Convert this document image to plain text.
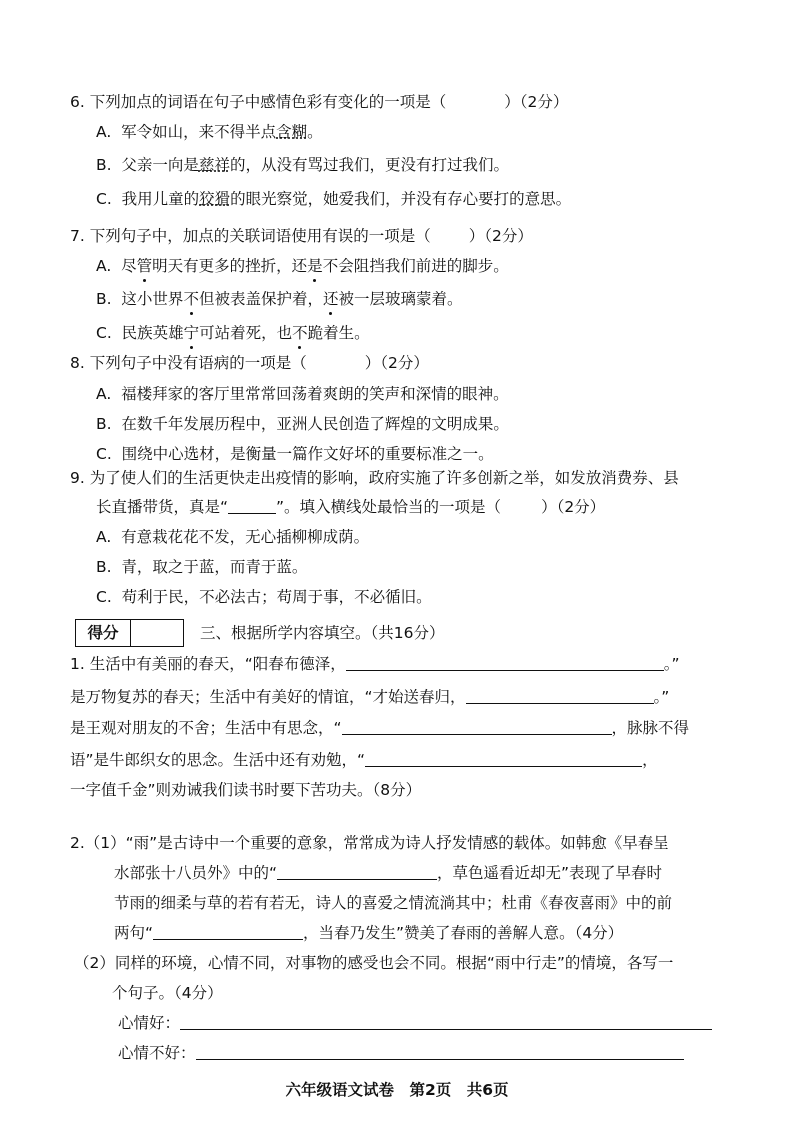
6. 下列加点的词语在句子中感情色彩有变化的一项是（	）（2分）
A. 军令如山，来不得半点含糊。
B. 父亲一向是慈祥的，从没有骂过我们，更没有打过我们。
C. 我用儿童的狡猾的眼光察觉，她爱我们，并没有存心要打的意思。
7. 下列句子中，加点的关联词语使用有误的一项是（ ）（2分）
A. 尽管明天有更多的挫折，还是不会阻挡我们前进的脚步。
B. 这小世界不但被表盖保护着，还被一层玻璃蒙着。
C. 民族英雄宁可站着死，也不跪着生。
8. 下列句子中没有语病的一项是（	）（2分）
A. 福楼拜家的客厅里常常回荡着爽朗的笑声和深情的眼神。
B. 在数千年发展历程中，亚洲人民创造了辉煌的文明成果。
C. 围绕中心选材，是衡量一篇作文好坏的重要标准之一。
9. 为了使人们的生活更快走出疫情的影响，政府实施了许多创新之举，如发放消费券、县
长直播带货，真是“	”。填入横线处最恰当的一项是（	）（2分）
A. 有意栽花花不发，无心插柳柳成荫。
B. 青，取之于蓝，而青于蓝。
C. 苟利于民，不必法古；苟周于事，不必循旧。
得分	三、根据所学内容填空。（共16分）
1. 生活中有美丽的春天，“阳春布德泽，	。”
是万物复苏的春天；生活中有美好的情谊，“才始送春归，	。”
是王观对朋友的不舍；生活中有思念，“	，脉脉不得
语”是牛郎织女的思念。生活中还有劝勉，“	，
一字值千金”则劝诫我们读书时要下苦功夫。（8分）
2.（1）“雨”是古诗中一个重要的意象，常常成为诗人抒发情感的载体。如韩愈《早春呈
水部张十八员外》中的“	，草色遥看近却无”表现了早春时
节雨的细柔与草的若有若无，诗人的喜爱之情流淌其中；杜甫《春夜喜雨》中的前
两句“	，当春乃发生”赞美了春雨的善解人意。（4分）
（2）同样的环境，心情不同，对事物的感受也会不同。根据“雨中行走”的情境，各写一
个句子。（4分）
心情好：
心情不好：
六年级语文试卷　第2页　共6页
